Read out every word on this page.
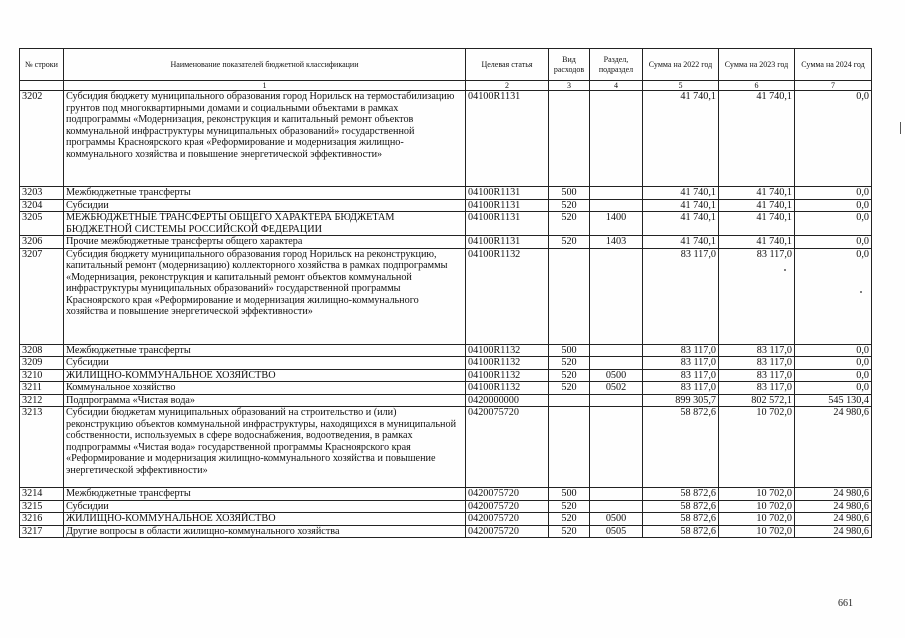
№ строки	Наименование показателей бюджетной классификации	Целевая статья	Вид расходов	Раздел, подраздел	Сумма на 2022 год	Сумма на 2023 год	Сумма на 2024 год
	1	2	3	4	5	6	7
3202	Субсидия бюджету муниципального образования город Норильск на термостабилизацию грунтов под многоквартирными домами и социальными объектами в рамках подпрограммы «Модернизация, реконструкция и капитальный ремонт объектов коммунальной инфраструктуры муниципальных образований» государственной программы Красноярского края «Реформирование и модернизация жилищно-коммунального хозяйства и повышение энергетической эффективности»	04100R1131			41 740,1	41 740,1	0,0
3203	Межбюджетные трансферты	04100R1131	500		41 740,1	41 740,1	0,0
3204	Субсидии	04100R1131	520		41 740,1	41 740,1	0,0
3205	МЕЖБЮДЖЕТНЫЕ ТРАНСФЕРТЫ ОБЩЕГО ХАРАКТЕРА БЮДЖЕТАМ БЮДЖЕТНОЙ СИСТЕМЫ РОССИЙСКОЙ ФЕДЕРАЦИИ	04100R1131	520	1400	41 740,1	41 740,1	0,0
3206	Прочие межбюджетные трансферты общего характера	04100R1131	520	1403	41 740,1	41 740,1	0,0
3207	Субсидия бюджету муниципального образования город Норильск на реконструкцию, капитальный ремонт (модернизацию) коллекторного хозяйства в рамках подпрограммы «Модернизация, реконструкция и капитальный ремонт объектов коммунальной инфраструктуры муниципальных образований» государственной программы Красноярского края «Реформирование и модернизация жилищно-коммунального хозяйства и повышение энергетической эффективности»	04100R1132			83 117,0	83 117,0	0,0
3208	Межбюджетные трансферты	04100R1132	500		83 117,0	83 117,0	0,0
3209	Субсидии	04100R1132	520		83 117,0	83 117,0	0,0
3210	ЖИЛИЩНО-КОММУНАЛЬНОЕ ХОЗЯЙСТВО	04100R1132	520	0500	83 117,0	83 117,0	0,0
3211	Коммунальное хозяйство	04100R1132	520	0502	83 117,0	83 117,0	0,0
3212	Подпрограмма «Чистая вода»	0420000000			899 305,7	802 572,1	545 130,4
3213	Субсидии бюджетам муниципальных образований на строительство и (или) реконструкцию объектов коммунальной инфраструктуры, находящихся в муниципальной собственности, используемых в сфере водоснабжения, водоотведения, в рамках подпрограммы «Чистая вода» государственной программы Красноярского края «Реформирование и модернизация жилищно-коммунального хозяйства и повышение энергетической эффективности»	0420075720			58 872,6	10 702,0	24 980,6
3214	Межбюджетные трансферты	0420075720	500		58 872,6	10 702,0	24 980,6
3215	Субсидии	0420075720	520		58 872,6	10 702,0	24 980,6
3216	ЖИЛИЩНО-КОММУНАЛЬНОЕ ХОЗЯЙСТВО	0420075720	520	0500	58 872,6	10 702,0	24 980,6
3217	Другие вопросы в области жилищно-коммунального хозяйства	0420075720	520	0505	58 872,6	10 702,0	24 980,6
661
